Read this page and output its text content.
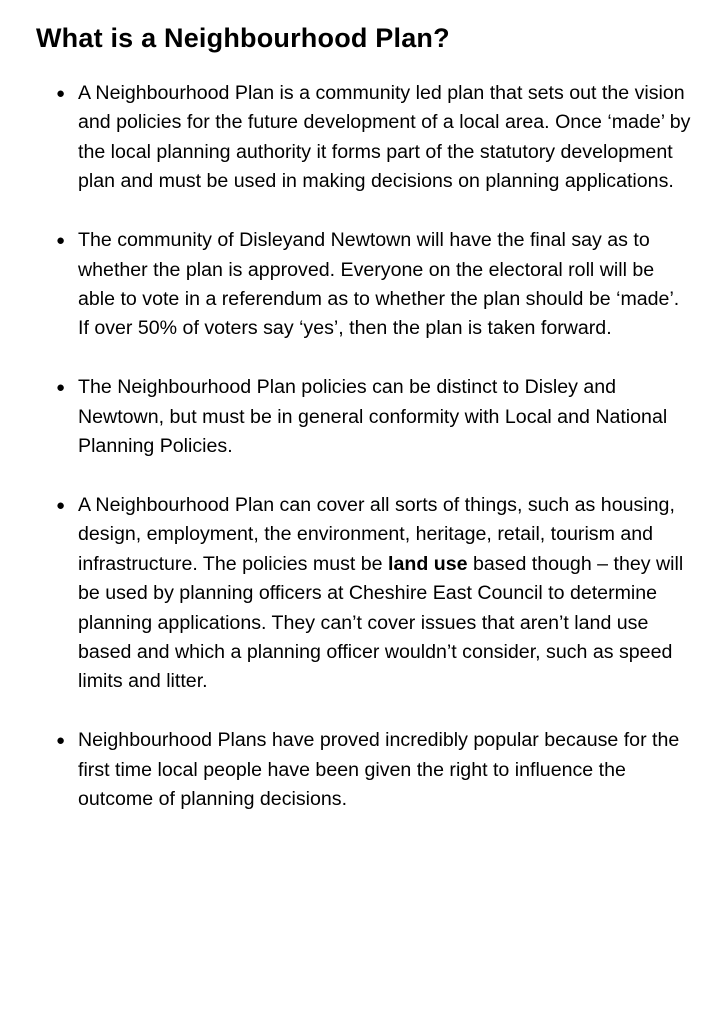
What is a Neighbourhood Plan?
● A Neighbourhood Plan is a community led plan that sets out the vision and policies for the future development of a local area. Once ‘made’ by the local planning authority it forms part of the statutory development plan and must be used in making decisions on planning applications.
● The community of Disleyand Newtown will have the final say as to whether the plan is approved. Everyone on the electoral roll will be able to vote in a referendum as to whether the plan should be ‘made’. If over 50% of voters say ‘yes’, then the plan is taken forward.
● The Neighbourhood Plan policies can be distinct to Disley and Newtown, but must be in general conformity with Local and National Planning Policies.
● A Neighbourhood Plan can cover all sorts of things, such as housing, design, employment, the environment, heritage, retail, tourism and infrastructure. The policies must be land use based though – they will be used by planning officers at Cheshire East Council to determine planning applications. They can’t cover issues that aren’t land use based and which a planning officer wouldn’t consider, such as speed limits and litter.
● Neighbourhood Plans have proved incredibly popular because for the first time local people have been given the right to influence the outcome of planning decisions.
